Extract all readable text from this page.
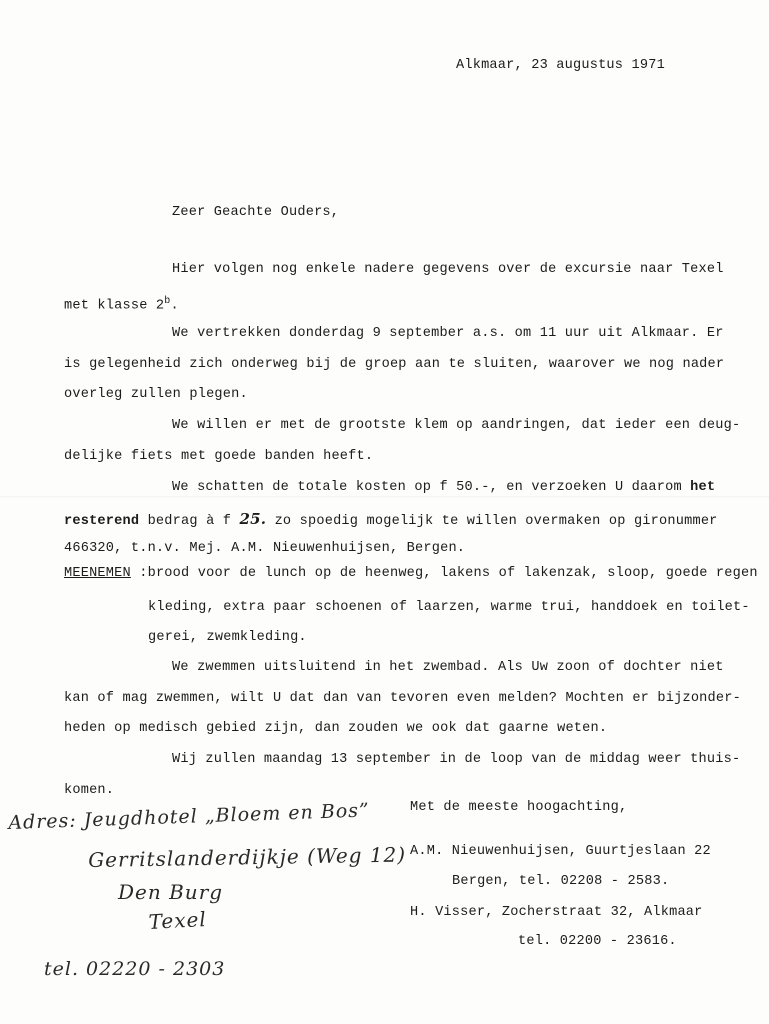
Alkmaar, 23 augustus 1971
Zeer Geachte Ouders,
Hier volgen nog enkele nadere gegevens over de excursie naar Texel
met klasse 2$^b$.
We vertrekken donderdag 9 september a.s. om 11 uur uit Alkmaar. Er
is gelegenheid zich onderweg bij de groep aan te sluiten, waarover we nog nader
overleg zullen plegen.
We willen er met de grootste klem op aandringen, dat ieder een deug-
delijke fiets met goede banden heeft.
We schatten de totale kosten op f 50.-, en verzoeken U daarom het
resterend bedrag à f 25. zo spoedig mogelijk te willen overmaken op gironummer
466320, t.n.v. Mej. A.M. Nieuwenhuijsen, Bergen.
MEENEMEN :brood voor de lunch op de heenweg, lakens of lakenzak, sloop, goede regen
kleding, extra paar schoenen of laarzen, warme trui, handdoek en toilet-
gerei, zwemkleding.
We zwemmen uitsluitend in het zwembad. Als Uw zoon of dochter niet
kan of mag zwemmen, wilt U dat dan van tevoren even melden? Mochten er bijzonder-
heden op medisch gebied zijn, dan zouden we ook dat gaarne weten.
Wij zullen maandag 13 september in de loop van de middag weer thuis-
komen.
Met de meeste hoogachting,
A.M. Nieuwenhuijsen, Guurtjeslaan 22
Bergen, tel. 02208 - 2583.
H. Visser, Zocherstraat 32, Alkmaar
tel. 02200 - 23616.
Adres: Jeugdhotel „Bloem en Bos”
Gerritslanderdijkje (Weg 12)
Den Burg
Texel
tel. 02220 - 2303
